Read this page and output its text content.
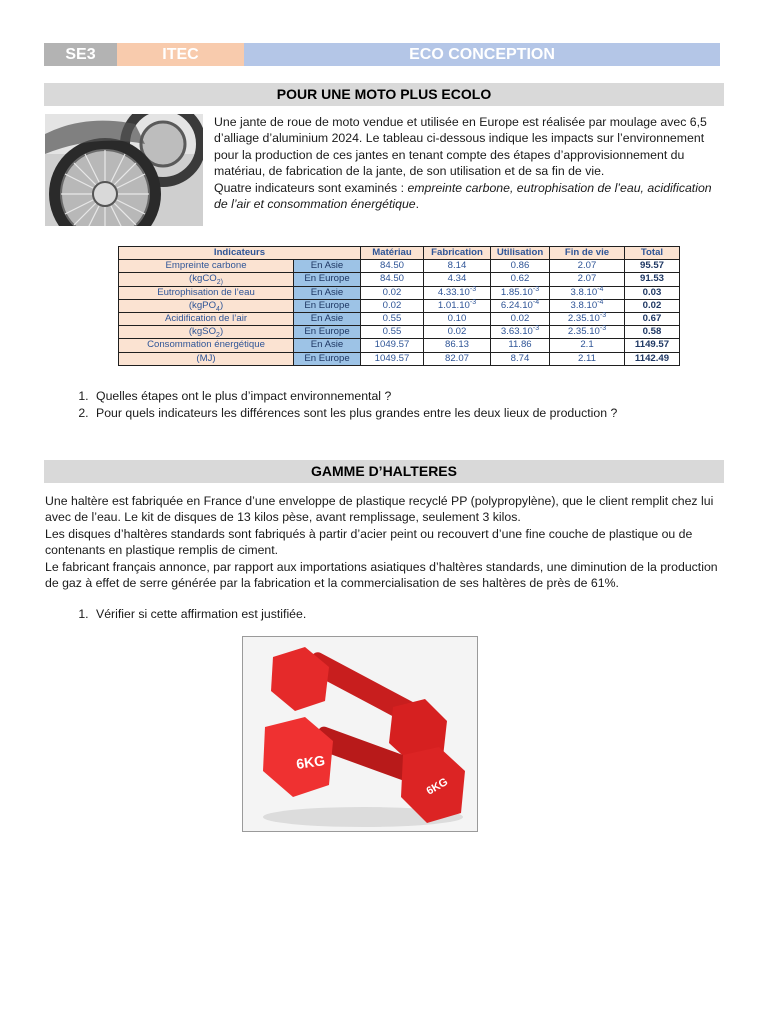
SE3	ITEC	ECO CONCEPTION
POUR UNE MOTO PLUS ECOLO

Une jante de roue de moto vendue et utilisée en Europe est réalisée par moulage avec 6,5 d’alliage d’aluminium 2024. Le tableau ci-dessous indique les impacts sur l’environnement pour la production de ces jantes en tenant compte des étapes d’approvisionnement du matériau, de fabrication de la jante, de son utilisation et de sa fin de vie.

Quatre indicateurs sont examinés : empreinte carbone, eutrophisation de l’eau, acidification de l’air et consommation énergétique.

Indicateurs		Matériau	Fabrication	Utilisation	Fin de vie	Total
Empreinte carbone	En Asie	84.50	8.14	0.86	2.07	95.57
(kgCO$_{2)}$	En Europe	84.50	4.34	0.62	2.07	91.53
Eutrophisation de l’eau	En Asie	0.02	$4.33.10^{-3}$	$1.85.10^{-3}$	$3.8.10^{-4}$	0.03
(kgPO$_4$)	En Europe	0.02	$1.01.10^{-3}$	$6.24.10^{-4}$	$3.8.10^{-4}$	0.02
Acidification de l’air	En Asie	0.55	0.10	0.02	$2.35.10^{-3}$	0.67
(kgSO$_2$)	En Europe	0.55	0.02	$3.63.10^{-3}$	$2.35.10^{-3}$	0.58
Consommation énergétique	En Asie	1049.57	86.13	11.86	2.1	1149.57
(MJ)	En Europe	1049.57	82.07	8.74	2.11	1142.49
1. Quelles étapes ont le plus d’impact environnemental ?
2. Pour quels indicateurs les différences sont les plus grandes entre les deux lieux de production ?
GAMME D’HALTERES

Une haltère est fabriquée en France d’une enveloppe de plastique recyclé PP (polypropylène), que le client remplit chez lui avec de l’eau. Le kit de disques de 13 kilos pèse, avant remplissage, seulement 3 kilos.

Les disques d’haltères standards sont fabriqués à partir d’acier peint ou recouvert d’une fine couche de plastique ou de contenants en plastique remplis de ciment.

Le fabricant français annonce, par rapport aux importations asiatiques d’haltères standards, une diminution de la production de gaz à effet de serre générée par la fabrication et la commercialisation de ses haltères de près de 61%.

1. Vérifier si cette affirmation est justifiée.
6KG
6KG
